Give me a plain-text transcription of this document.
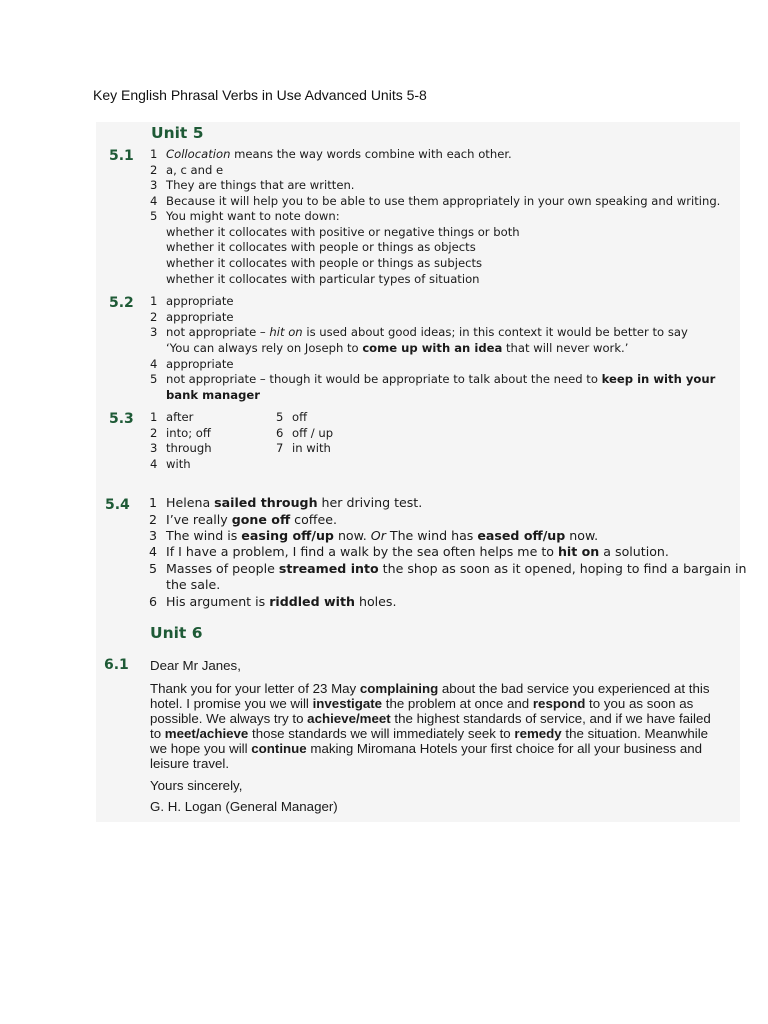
Key English Phrasal Verbs in Use Advanced Units 5-8
Unit 5
5.1 1 Collocation means the way words combine with each other.
2 a, c and e
3 They are things that are written.
4 Because it will help you to be able to use them appropriately in your own speaking and writing.
5 You might want to note down:
whether it collocates with positive or negative things or both
whether it collocates with people or things as objects
whether it collocates with people or things as subjects
whether it collocates with particular types of situation
5.2 1 appropriate
2 appropriate
3 not appropriate – hit on is used about good ideas; in this context it would be better to say
‘You can always rely on Joseph to come up with an idea that will never work.’
4 appropriate
5 not appropriate – though it would be appropriate to talk about the need to keep in with your
bank manager
5.3 1 after
2 into; off
3 through
4 with
5 off
6 off / up
7 in with
5.4 1 Helena sailed through her driving test.
2 I’ve really gone off coffee.
3 The wind is easing off/up now. Or The wind has eased off/up now.
4 If I have a problem, I find a walk by the sea often helps me to hit on a solution.
5 Masses of people streamed into the shop as soon as it opened, hoping to find a bargain in
the sale.
6 His argument is riddled with holes.
Unit 6
6.1 Dear Mr Janes,
Thank you for your letter of 23 May complaining about the bad service you experienced at this
hotel. I promise you we will investigate the problem at once and respond to you as soon as
possible. We always try to achieve/meet the highest standards of service, and if we have failed
to meet/achieve those standards we will immediately seek to remedy the situation. Meanwhile
we hope you will continue making Miromana Hotels your first choice for all your business and
leisure travel.
Yours sincerely,
G. H. Logan (General Manager)
